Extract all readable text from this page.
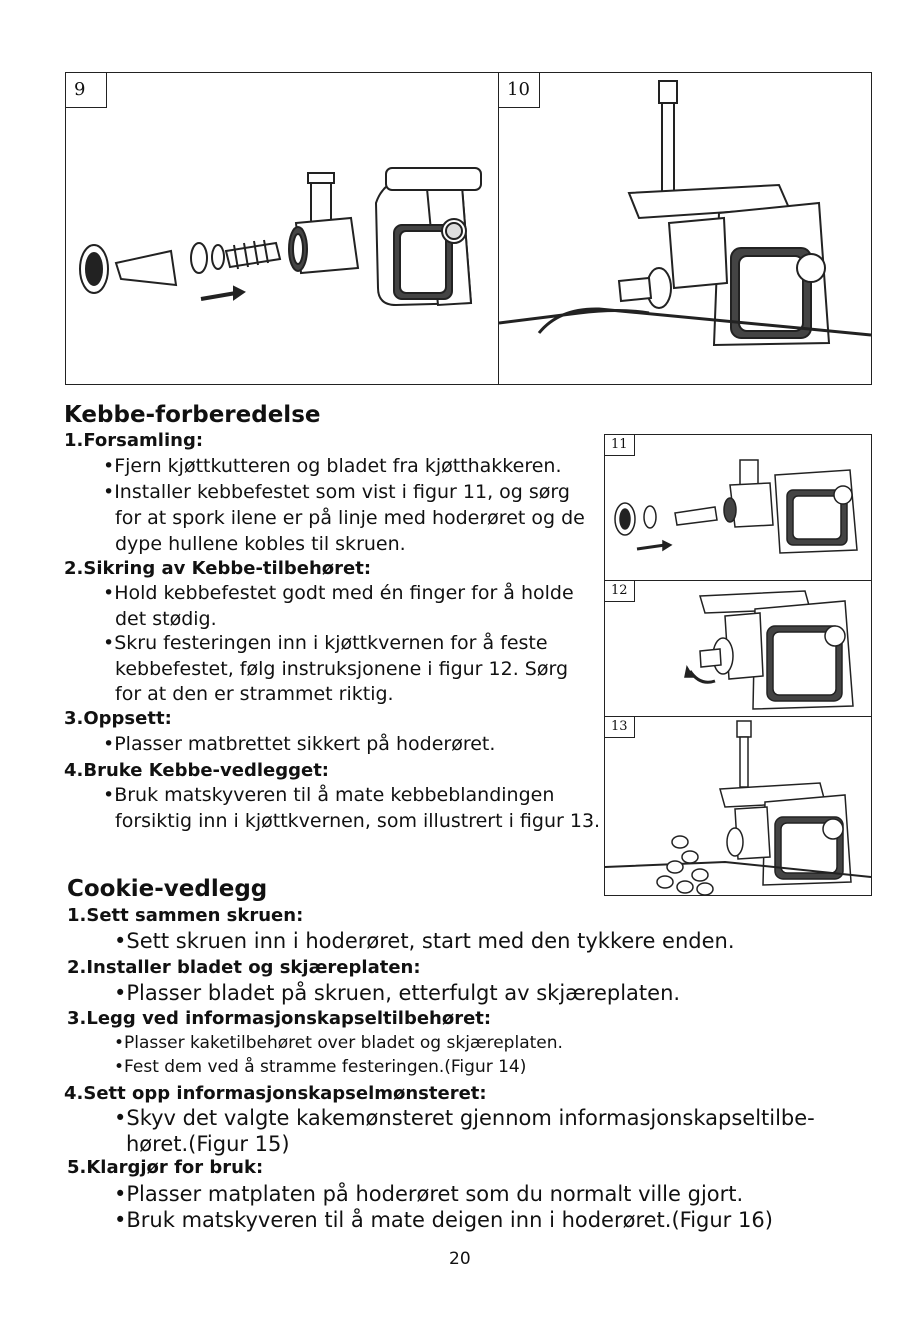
9	10
11
12
13
Kebbe-forberedelse
1.Forsamling:
•Fjern kjøttkutteren og bladet fra kjøtthakkeren.
•Installer kebbefestet som vist i figur 11, og sørg
for at spork ilene er på linje med hoderøret og de
dype hullene kobles til skruen.
2.Sikring av Kebbe-tilbehøret:
•Hold kebbefestet godt med én finger for å holde
det stødig.
•Skru festeringen inn i kjøttkvernen for å feste
kebbefestet, følg instruksjonene i figur 12. Sørg
for at den er strammet riktig.
3.Oppsett:
•Plasser matbrettet sikkert på hoderøret.
4.Bruke Kebbe-vedlegget:
•Bruk matskyveren til å mate kebbeblandingen
forsiktig inn i kjøttkvernen, som illustrert i figur 13.
Cookie-vedlegg
1.Sett sammen skruen:
•Sett skruen inn i hoderøret, start med den tykkere enden.
2.Installer bladet og skjæreplaten:
•Plasser bladet på skruen, etterfulgt av skjæreplaten.
3.Legg ved informasjonskapseltilbehøret:
•Plasser kaketilbehøret over bladet og skjæreplaten.
•Fest dem ved å stramme festeringen.(Figur 14)
4.Sett opp informasjonskapselmønsteret:
•Skyv det valgte kakemønsteret gjennom informasjonskapseltilbe-
høret.(Figur 15)
5.Klargjør for bruk:
•Plasser matplaten på hoderøret som du normalt ville gjort.
•Bruk matskyveren til å mate deigen inn i hoderøret.(Figur 16)
20
